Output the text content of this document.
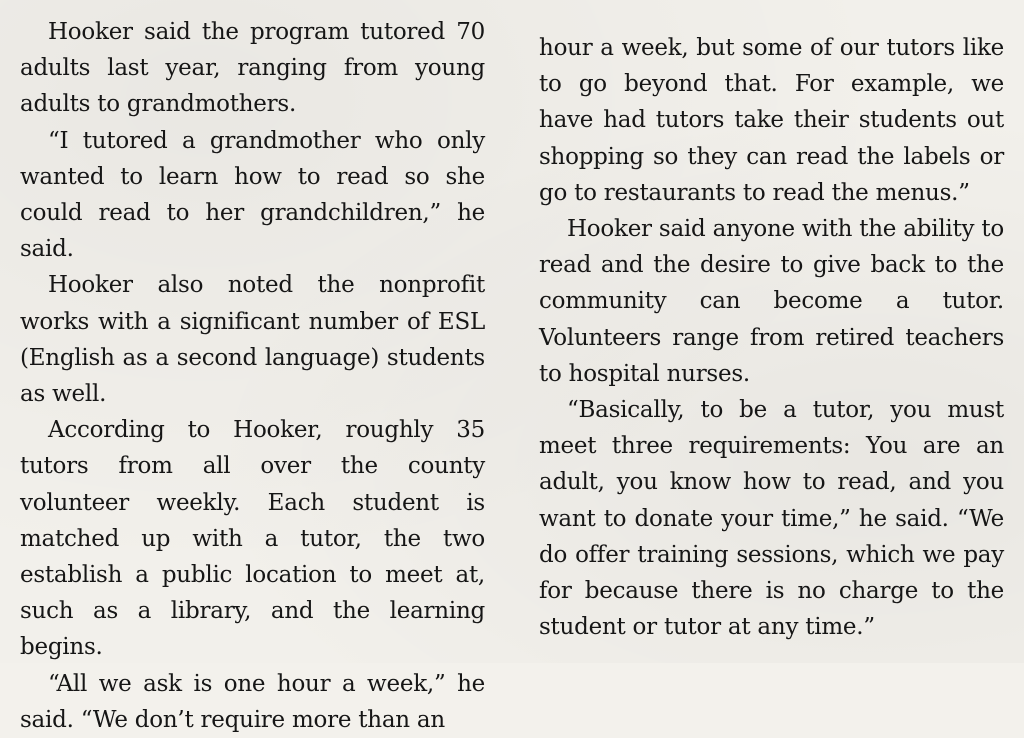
Hooker said the program tutored 70 adults last year, ranging from young adults to grandmothers.

“I tutored a grandmother who only wanted to learn how to read so she could read to her grandchildren,” he said.

Hooker also noted the nonprofit works with a significant number of ESL (English as a second language) students as well.

According to Hooker, roughly 35 tutors from all over the county volunteer weekly. Each student is matched up with a tutor, the two establish a public location to meet at, such as a library, and the learning begins.

“All we ask is one hour a week,” he said. “We don’t require more than an

hour a week, but some of our tutors like to go beyond that. For example, we have had tutors take their students out shopping so they can read the labels or go to restaurants to read the menus.”

Hooker said anyone with the ability to read and the desire to give back to the community can become a tutor. Volunteers range from retired teachers to hospital nurses.

“Basically, to be a tutor, you must meet three requirements: You are an adult, you know how to read, and you want to donate your time,” he said. “We do offer training sessions, which we pay for because there is no charge to the student or tutor at any time.”
